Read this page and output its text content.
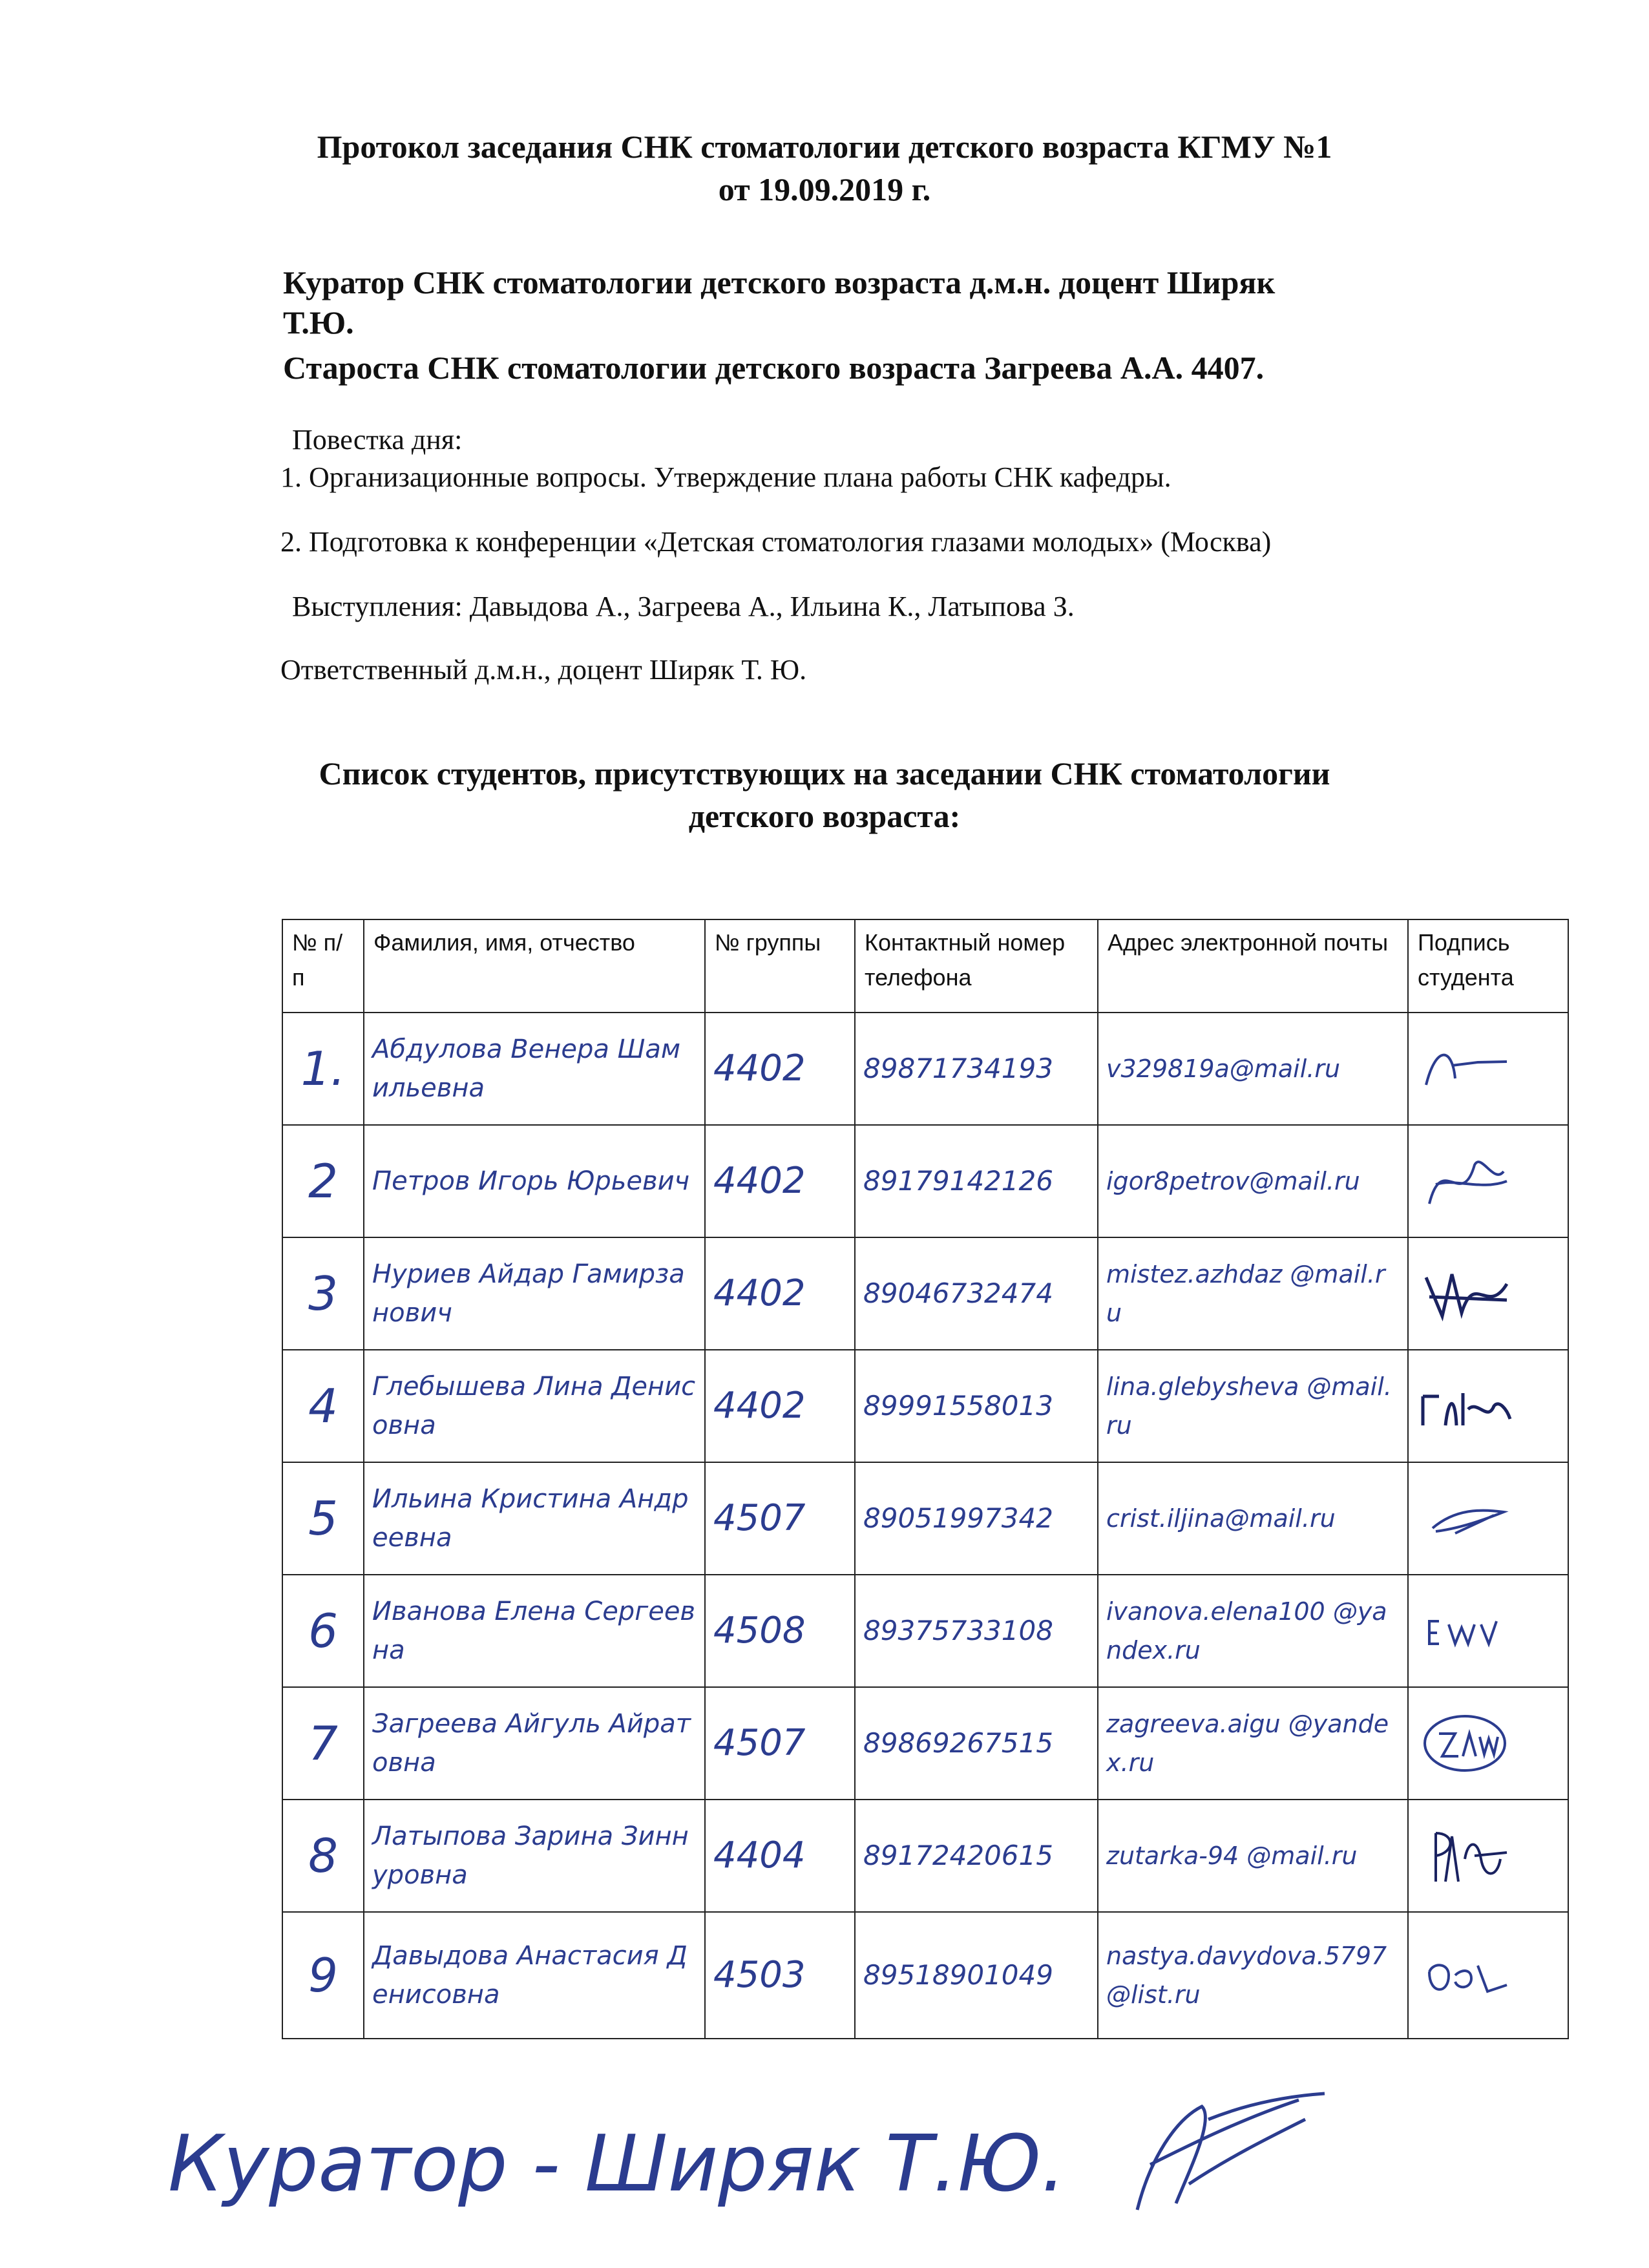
Протокол заседания СНК стоматологии детского возраста КГМУ №1
от 19.09.2019 г.
Куратор СНК стоматологии детского возраста д.м.н. доцент Ширяк
Т.Ю.
Староста СНК стоматологии детского возраста Загреева А.А. 4407.
Повестка дня:
1. Организационные вопросы. Утверждение плана работы СНК кафедры.
2. Подготовка к конференции «Детская стоматология глазами молодых» (Москва)
Выступления: Давыдова А., Загреева А., Ильина К., Латыпова З.
Ответственный д.м.н., доцент Ширяк Т. Ю.
Список студентов, присутствующих на заседании СНК стоматологии
детского возраста:
№ п/п	Фамилия, имя, отчество	№ группы	Контактный номер телефона	Адрес электронной почты	Подпись студента
1.	Абдулова Венера Шамильевна	4402	89871734193	v329819a@mail.ru	

2	Петров Игорь Юрьевич	4402	89179142126	igor8petrov@mail.ru	

3	Нуриев Айдар Гамирзанович	4402	89046732474	mistez.azhdaz @mail.ru	

4	Глебышева Лина Денисовна	4402	89991558013	lina.glebysheva @mail.ru	

5	Ильина Кристина Андреевна	4507	89051997342	crist.iljina@mail.ru	

6	Иванова Елена Сергеевна	4508	89375733108	ivanova.elena100 @yandex.ru	

7	Загреева Айгуль Айратовна	4507	89869267515	zagreeva.aigu @yandex.ru	

8	Латыпова Зарина Зиннуровна	4404	89172420615	zutarka-94 @mail.ru	

9	Давыдова Анастасия Денисовна	4503	89518901049	nastya.davydova.5797@list.ru	
Куратор - Ширяк Т.Ю.
